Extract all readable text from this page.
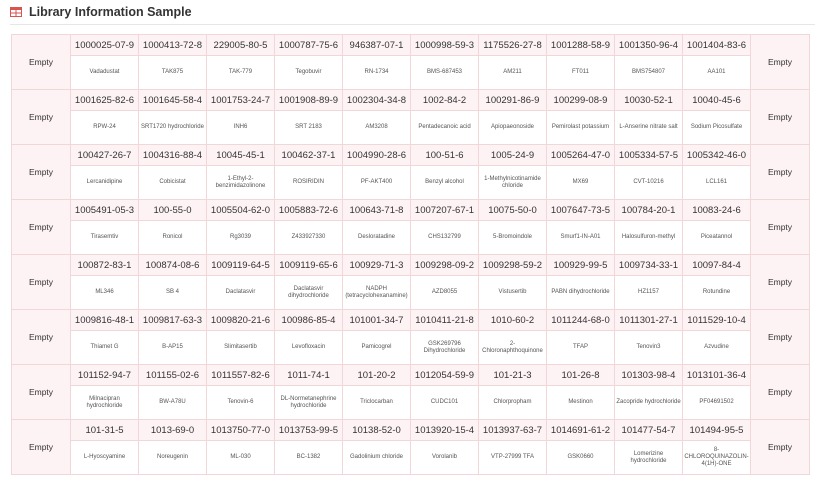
Library Information Sample
Empty	1000025-07-9	1000413-72-8	229005-80-5	1000787-75-6	946387-07-1	1000998-59-3	1175526-27-8	1001288-58-9	1001350-96-4	1001404-83-6	Empty
	Vadadustat	TAK875	TAK-779	Tegobuvir	RN-1734	BMS-687453	AM211	FT011	BMS754807	AA101	
Empty	1001625-82-6	1001645-58-4	1001753-24-7	1001908-89-9	1002304-34-8	1002-84-2	100291-86-9	100299-08-9	10030-52-1	10040-45-6	Empty
	RPW-24	SRT1720 hydrochloride	INH6	SRT 2183	AM3208	Pentadecanoic acid	Apiopaeonoside	Pemirolast potassium	L-Anserine nitrate salt	Sodium Picosulfate	
Empty	100427-26-7	1004316-88-4	10045-45-1	100462-37-1	1004990-28-6	100-51-6	1005-24-9	1005264-47-0	1005334-57-5	1005342-46-0	Empty
	Lercanidipine	Cobicistat	1-Ethyl-2-benzimidazolinone	ROSIRIDIN	PF-AKT400	Benzyl alcohol	1-Methylnicotinamide chloride	MX69	CVT-10216	LCL161	
Empty	1005491-05-3	100-55-0	1005504-62-0	1005883-72-6	100643-71-8	1007207-67-1	10075-50-0	1007647-73-5	100784-20-1	10083-24-6	Empty
	Tirasemtiv	Ronicol	Rg3039	Z433927330	Desloratadine	CHS132799	5-Bromoindole	Smurf1-IN-A01	Halosulfuron-methyl	Piceatannol	
Empty	100872-83-1	100874-08-6	1009119-64-5	1009119-65-6	100929-71-3	1009298-09-2	1009298-59-2	100929-99-5	1009734-33-1	10097-84-4	Empty
	ML346	SB 4	Daclatasvir	Daclatasvir dihydrochloride	NADPH (tetracyclohexanamine)	AZD8055	Vistusertib	PABN dihydrochloride	HZ1157	Rotundine	
Empty	1009816-48-1	1009817-63-3	1009820-21-6	100986-85-4	101001-34-7	1010411-21-8	1010-60-2	1011244-68-0	1011301-27-1	1011529-10-4	Empty
	Thiamet G	B-AP15	Slimitasertib	Levofloxacin	Pamicogrel	GSK269796 Dihydrochloride	2-Chloronaphthoquinone	TFAP	Tenovin3	Azvudine	
Empty	101152-94-7	101155-02-6	1011557-82-6	1011-74-1	101-20-2	1012054-59-9	101-21-3	101-26-8	101303-98-4	1013101-36-4	Empty
	Milnacipran hydrochloride	BW-A78U	Tenovin-6	DL-Normetanephrine hydrochloride	Triclocarban	CUDC101	Chlorpropham	Mestinon	Zacopride hydrochloride	PF04691502	
Empty	101-31-5	1013-69-0	1013750-77-0	1013753-99-5	10138-52-0	1013920-15-4	1013937-63-7	1014691-61-2	101477-54-7	101494-95-5	Empty
	L-Hyoscyamine	Noreugenin	ML-030	BC-1382	Gadolinium chloride	Vorolanib	VTP-27999 TFA	GSK0660	Lomerizine hydrochloride	8-CHLOROQUINAZOLIN-4(1H)-ONE	
